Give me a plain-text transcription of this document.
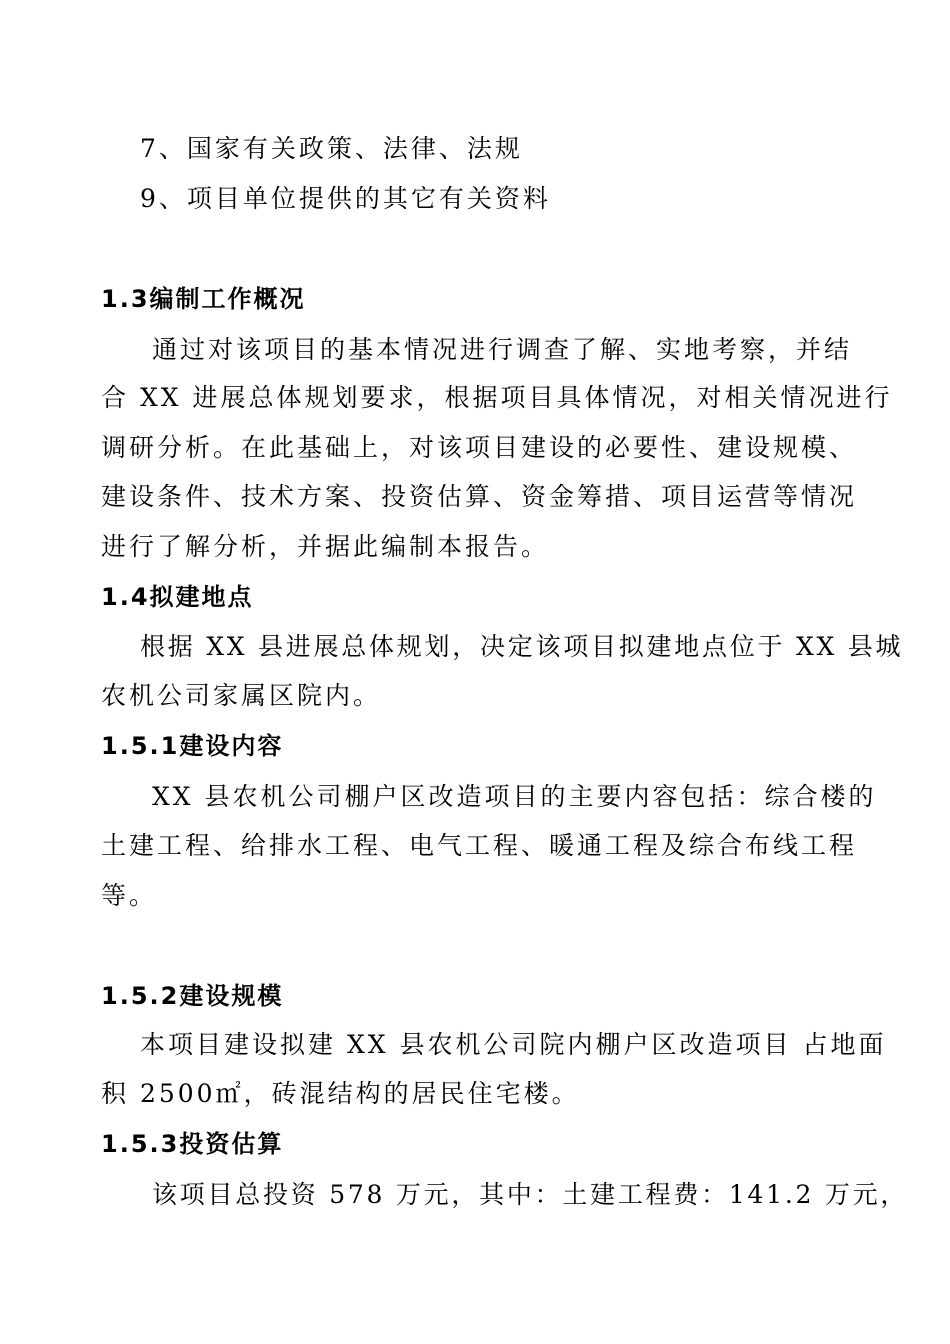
7、国家有关政策、法律、法规
9、项目单位提供的其它有关资料
1.3编制工作概况
通过对该项目的基本情况进行调查了解、实地考察，并结
合 XX 进展总体规划要求，根据项目具体情况，对相关情况进行
调研分析。在此基础上，对该项目建设的必要性、建设规模、
建设条件、技术方案、投资估算、资金筹措、项目运营等情况
进行了解分析，并据此编制本报告。
1.4拟建地点
根据 XX 县进展总体规划，决定该项目拟建地点位于 XX 县城
农机公司家属区院内。
1.5.1建设内容
XX 县农机公司棚户区改造项目的主要内容包括：综合楼的
土建工程、给排水工程、电气工程、暖通工程及综合布线工程
等。
1.5.2建设规模
本项目建设拟建 XX 县农机公司院内棚户区改造项目 占地面
积 2500㎡，砖混结构的居民住宅楼。
1.5.3投资估算
该项目总投资 578 万元，其中：土建工程费：141.2 万元，
